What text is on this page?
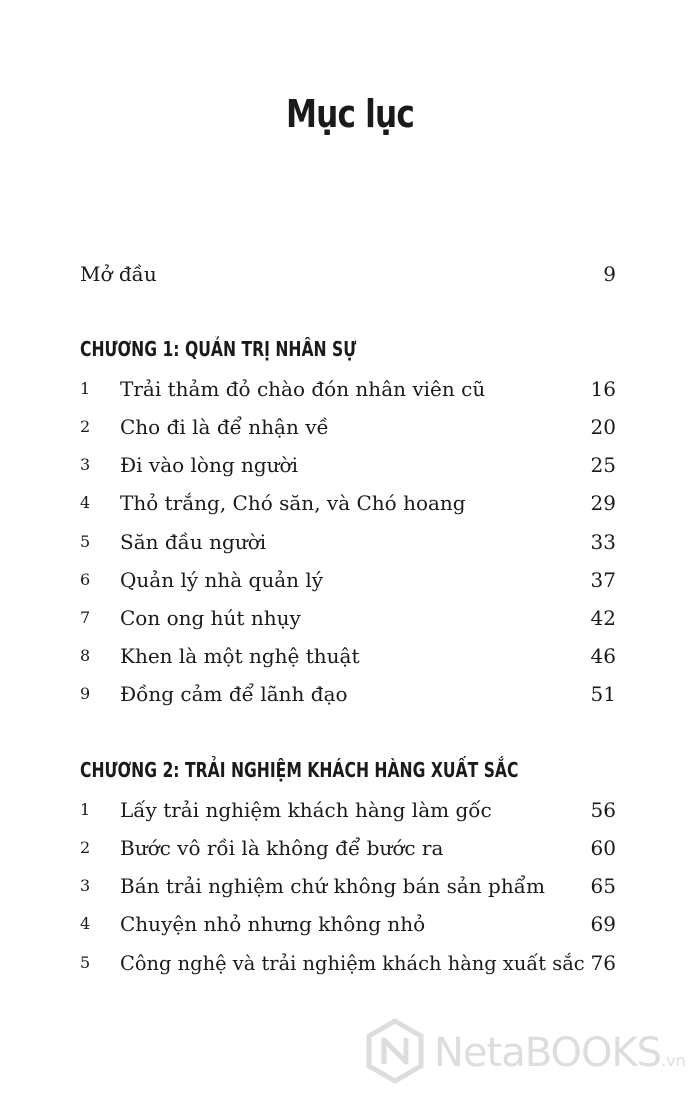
Mục lục
Mở đầu	9
CHƯƠNG 1: QUẢN TRỊ NHÂN SỰ
1 Trải thảm đỏ chào đón nhân viên cũ	16
2 Cho đi là để nhận về	20
3 Đi vào lòng người	25
4 Thỏ trắng, Chó săn, và Chó hoang	29
5 Săn đầu người	33
6 Quản lý nhà quản lý	37
7 Con ong hút nhụy	42
8 Khen là một nghệ thuật	46
9 Đồng cảm để lãnh đạo	51
CHƯƠNG 2: TRẢI NGHIỆM KHÁCH HÀNG XUẤT SẮC
1 Lấy trải nghiệm khách hàng làm gốc	56
2 Bước vô rồi là không để bước ra	60
3 Bán trải nghiệm chứ không bán sản phẩm 65
4 Chuyện nhỏ nhưng không nhỏ	69
5 Công nghệ và trải nghiệm khách hàng xuất sắc 76
NetaBOOKS.vn
